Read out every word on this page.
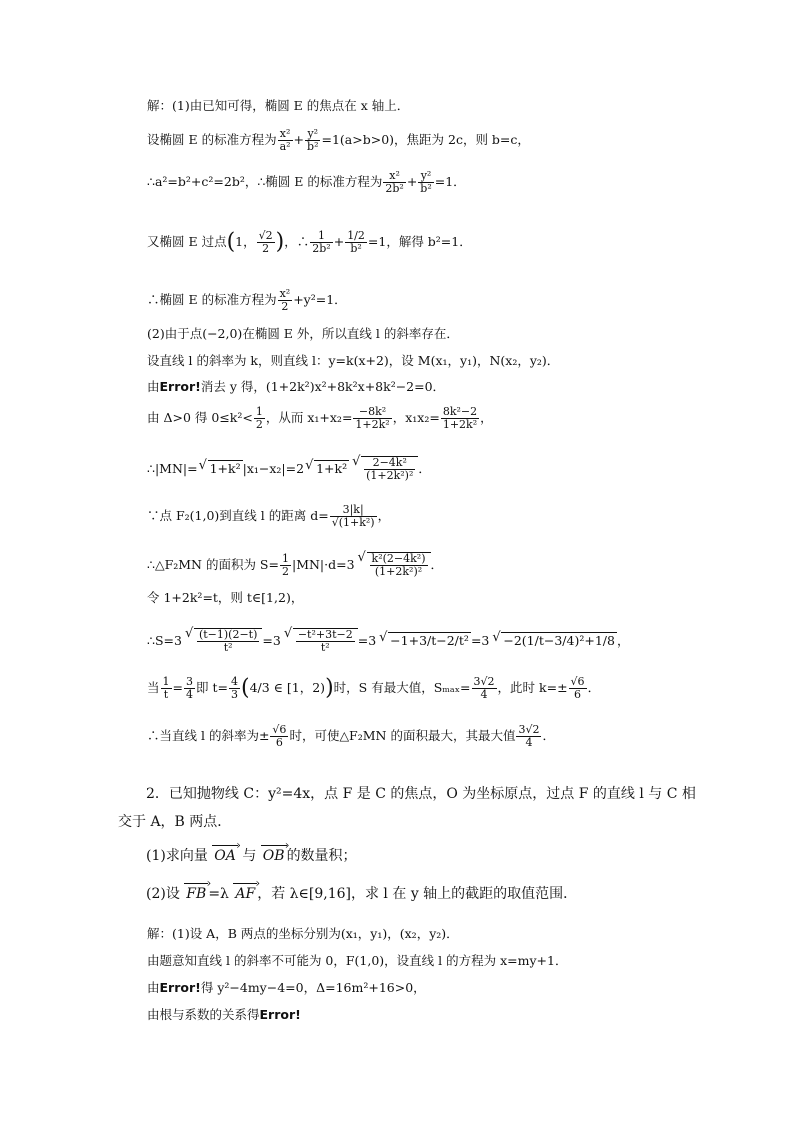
解：(1)由已知可得，椭圆 E 的焦点在 x 轴上．
设椭圆 E 的标准方程为 $\frac{\text{x²}}{\text{a²}} + \frac{\text{y²}}{\text{b²}} =1(a>b>0)$，焦距为 2c，则 b=c，
∴a²=b²+c²=2b²，∴椭圆 E 的标准方程为 $\frac{\text{x²}}{\text{2b²}} + \frac{\text{y²}}{\text{b²}} =1$．
又椭圆 E 过点(1， $\frac{√2}{2}$ )，∴ $\frac{1}{\text{2b²}} + \frac{1/2}{\text{b²}} =1$，解得 b²=1．
∴椭圆 E 的标准方程为 $\frac{\text{x²}}{2} +y^2=1$．
(2)由于点(−2,0)在椭圆 E 外，所以直线 l 的斜率存在．
设直线 l 的斜率为 k，则直线 l：y=k(x+2)，设 M(x₁，y₁)，N(x₂，y₂)．
由Error!消去 y 得，(1+2k²)x²+8k²x+8k²−2=0．
由 Δ>0 得 $0\le k^2< \frac{1}{2}$ ，从而 $x_1+x_2= \frac{\text{−8k²}}{\text{1+2k²}}$ ，$x_1x_2= \frac{\text{8k²−2}}{\text{1+2k²}}$ ，
∴|MN|=√ 1+k² |x₁−x₂|=2√ 1+k²
√ $\frac{\text{2−4k²}}{\text{(1+2k²)²}}$ ．
∵点 F₂(1,0)到直线 l 的距离 $d= \frac{3|k|}{\text{√(1+k²)}}$ ，
∴△F₂MN 的面积为 $S= \frac{1}{2} |MN|\cdot d=3$
√ $\frac{\text{k²(2−4k²)}}{\text{(1+2k²)²}}$ ．
令 1+2k²=t，则 t∈[1,2)，
∴S=3
√ $\frac{(t-1)(2-t)}{\text{t²}} =3$
√ $\frac{\text{−t²+3t−2}}{\text{t²}} =3√ -1+3/t-2/t^2 =3√ -2(1/t-3/4)^2+1/8$ ，
当 $\frac{1}{t} = \frac{3}{4}$ 即 $t= \frac{4}{3} (4/3$ ∈ [1，2))时，S 有最大值，$S_{max}= \frac{3√2}{4}$ ，此时 $k=\pm \frac{√6}{6}$ ．
∴当直线 l 的斜率为± $\frac{√6}{6}$ 时，可使△F₂MN 的面积最大，其最大值 $\frac{3√2}{4}$ ．
2．已知抛物线 C：y²=4x，点 F 是 C 的焦点，O 为坐标原点，过点 F 的直线 l 与 C 相
交于 A，B 两点．
(1)求向量 › OA 与 › OB 的数量积；
(2)设 › FB =λ › AF ，若 λ∈[9,16]，求 l 在 y 轴上的截距的取值范围．
解：(1)设 A，B 两点的坐标分别为(x₁，y₁)，(x₂，y₂)．
由题意知直线 l 的斜率不可能为 0，F(1,0)，设直线 l 的方程为 x=my+1．
由Error!得 y²−4my−4=0，Δ=16m²+16>0，
由根与系数的关系得Error!
